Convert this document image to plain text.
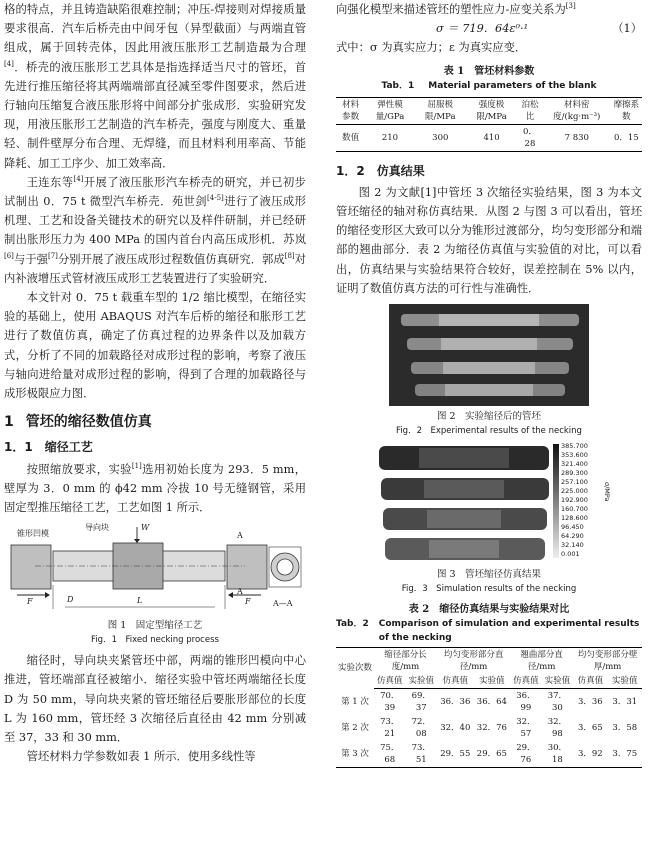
格的特点，并且铸造缺陷很难控制；冲压-焊接则对焊接质量要求很高．汽车后桥壳由中间牙包（异型截面）与两端直管组成，属于回转壳体，因此用液压胀形工艺制造最为合理[4]．桥壳的液压胀形工艺具体是指选择适当尺寸的管坯，首先进行推压缩径将其两端端部直径减至零件图要求，然后进行轴向压缩复合液压胀形将中间部分扩张成形．实验研究发现，用液压胀形工艺制造的汽车桥壳，强度与刚度大、重量轻、制件壁厚分布合理、无焊缝，而且材料利用率高、节能降耗、加工工序少、加工效率高．

王连东等[4]开展了液压胀形汽车桥壳的研究，并已初步试制出 0．75 t 微型汽车桥壳．苑世剑[4-5]进行了液压成形机理、工艺和设备关键技术的研究以及样件研制，并已经研制出胀形压力为 400 MPa 的国内首台内高压成形机．苏岚[6]与于强[7]分别开展了液压成形过程数值仿真研究．郭成[8]对内补液增压式管材液压成形工艺装置进行了实验研究．

本文针对 0．75 t 载重车型的 1/2 缩比模型，在缩径实验的基础上，使用 ABAQUS 对汽车后桥的缩径和胀形工艺进行了数值仿真，确定了仿真过程的边界条件以及加载方式，分析了不同的加载路径对成形过程的影响，考察了液压与轴向进给量对成形过程的影响，得到了合理的加载路径与成形极限应力图．

1 管坯的缩径数值仿真
1．1 缩径工艺

按照缩放要求，实验[1]选用初始长度为 293．5 mm，壁厚为 3．0 mm 的 ϕ42 mm 冷拔 10 号无缝钢管，采用固定型推压缩径工艺，工艺如图 1 所示．

锥形凹模
导向块	W
A
A
F	F
D	L	A—A
图 1　固定型缩径工艺
Fig．1　Fixed necking process

缩径时，导向块夹紧管坯中部，两端的锥形凹模向中心推进，管坯端部直径被缩小．缩径实验中管坯两端缩径长度 D 为 50 mm，导向块夹紧的管坯缩径后要胀形部位的长度 L 为 160 mm，管坯经 3 次缩径后直径由 42 mm 分别减至 37，33 和 30 mm．

管坯材料力学参数如表 1 所示．使用多线性等

向强化模型来描述管坯的塑性应力-应变关系为[3]

σ ＝ 719．64ε⁰·¹	（1）

式中：σ 为真实应力；ε 为真实应变．

表 1　管坯材料参数
Tab．1 Material parameters of the blank
材料参数	弹性模量/GPa	屈服极限/MPa	强度极限/MPa	泊松比	材料密度/(kg·m⁻³)	摩擦系数
数值	210	300	410	0．28	7 830	0．15
1．2 仿真结果

图 2 为文献[1]中管坯 3 次缩径实验结果，图 3 为本文管坯缩径的轴对称仿真结果．从图 2 与图 3 可以看出，管坯的缩径变形区大致可以分为锥形过渡部分，均匀变形部分和端部的翘曲部分．表 2 为缩径仿真值与实验值的对比，可以看出，仿真结果与实验结果符合较好，误差控制在 5% 以内，证明了数值仿真方法的可行性与准确性．

图 2　实验缩径后的管坯
Fig．2　Experimental results of the necking
385.700
353.600
321.400
289.300
257.100
225.000
192.900
160.700
128.600
96.450
64.290
32.140
0.001
σ/MPa
图 3　管坯缩径仿真结果
Fig．3　Simulation results of the necking
表 2　缩径仿真结果与实验结果对比
Tab．2 Comparison of simulation and experimental results of the necking
实验次数	缩径部分长度/mm		均匀变形部分直径/mm		翘曲部分直径/mm		均匀变形部分壁厚/mm	
	仿真值	实验值	仿真值	实验值	仿真值	实验值	仿真值	实验值
第 1 次	70．39	69．37	36．36	36．64	36．99	37．30	3．36	3．31
第 2 次	73．21	72．08	32．40	32．76	32．57	32．98	3．65	3．58
第 3 次	75．68	73．51	29．55	29．65	29．76	30．18	3．92	3．75
